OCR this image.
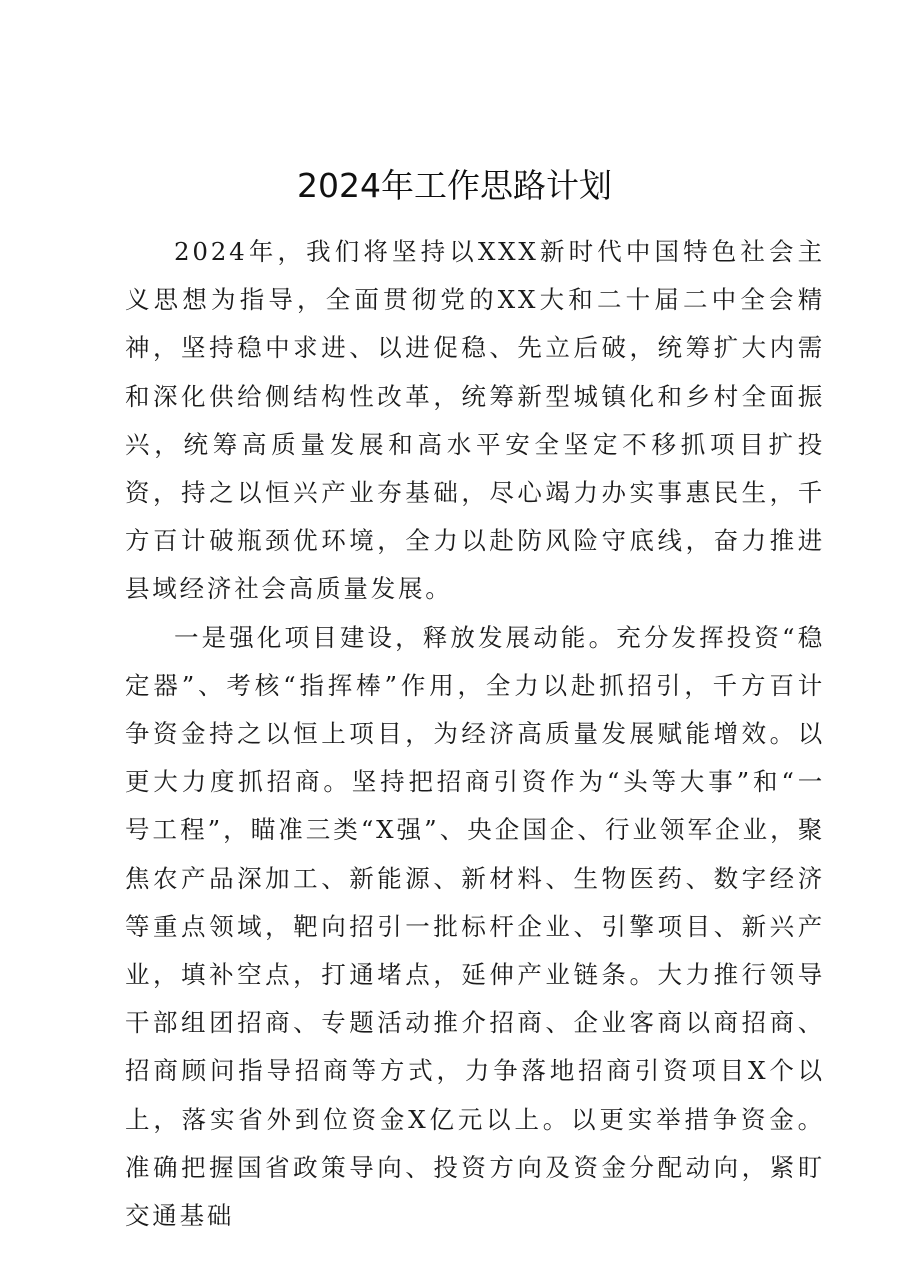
2024年工作思路计划

2024年，我们将坚持以XXX新时代中国特色社会主义思想为指导，全面贯彻党的XX大和二十届二中全会精神，坚持稳中求进、以进促稳、先立后破，统筹扩大内需和深化供给侧结构性改革，统筹新型城镇化和乡村全面振兴，统筹高质量发展和高水平安全坚定不移抓项目扩投资，持之以恒兴产业夯基础，尽心竭力办实事惠民生，千方百计破瓶颈优环境，全力以赴防风险守底线，奋力推进县域经济社会高质量发展。

一是强化项目建设，释放发展动能。充分发挥投资“稳定器”、考核“指挥棒”作用，全力以赴抓招引，千方百计争资金持之以恒上项目，为经济高质量发展赋能增效。以更大力度抓招商。坚持把招商引资作为“头等大事”和“一号工程”，瞄准三类“X强”、央企国企、行业领军企业，聚焦农产品深加工、新能源、新材料、生物医药、数字经济等重点领域，靶向招引一批标杆企业、引擎项目、新兴产业，填补空点，打通堵点，延伸产业链条。大力推行领导干部组团招商、专题活动推介招商、企业客商以商招商、招商顾问指导招商等方式，力争落地招商引资项目X个以上，落实省外到位资金X亿元以上。以更实举措争资金。准确把握国省政策导向、投资方向及资金分配动向，紧盯交通基础
